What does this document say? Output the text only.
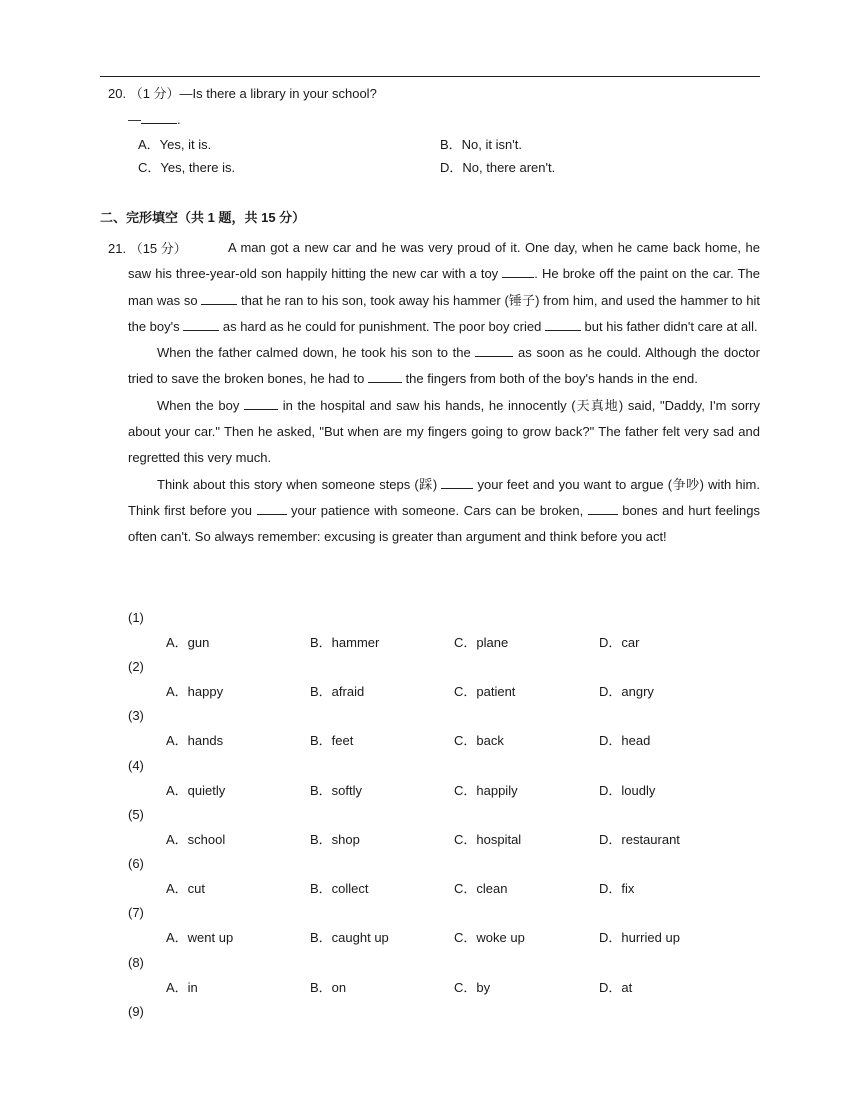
20. （1 分）—Is there a library in your school?
—	.
A．Yes, it is.	B．No, it isn't.
C．Yes, there is.	D．No, there aren't.
二、完形填空（共 1 题，共 15 分）
21. （15 分）	A man got a new car and he was very proud of it. One day, when he came back home, he saw his three-year-old son happily hitting the new car with a toy . He broke off the paint on the car. The man was so	that he ran to his son, took away his hammer (锤子) from him, and used the hammer to hit the boy's	as hard as he could for punishment. The poor boy cried	but his father didn't care at all.

When the father calmed down, he took his son to the	as soon as he could. Although the doctor tried to save the broken bones, he had to	the fingers from both of the boy's hands in the end.

When the boy	in the hospital and saw his hands, he innocently (天真地) said, "Daddy, I'm sorry about your car." Then he asked, "But when are my fingers going to grow back?" The father felt very sad and regretted this very much.

Think about this story when someone steps (踩)  your feet and you want to argue (争吵) with him. Think first before you  your patience with someone. Cars can be broken,  bones and hurt feelings often can't. So always remember: excusing is greater than argument and think before you act!

(1)
A．gun	B．hammer	C．plane	D．car
(2)
A．happy	B．afraid	C．patient	D．angry
(3)
A．hands	B．feet	C．back	D．head
(4)
A．quietly	B．softly	C．happily	D．loudly
(5)
A．school	B．shop	C．hospital	D．restaurant
(6)
A．cut	B．collect	C．clean	D．fix
(7)
A．went up	B．caught up	C．woke up	D．hurried up
(8)
A．in	B．on	C．by	D．at
(9)
